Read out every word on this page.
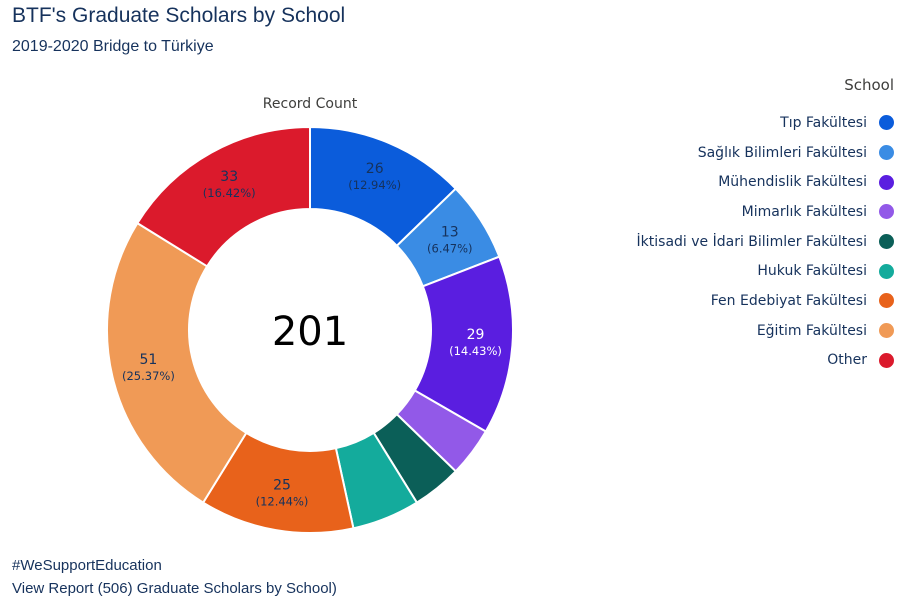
BTF's Graduate Scholars by School
2019-2020 Bridge to Türkiye
Record Count
26
(12.94%)
13
(6.47%)
29
(14.43%)
25
(12.44%)
51
(25.37%)
33
(16.42%)
201
School
Tıp Fakültesi
Sağlık Bilimleri Fakültesi
Mühendislik Fakültesi
Mimarlık Fakültesi
İktisadi ve İdari Bilimler Fakültesi
Hukuk Fakültesi
Fen Edebiyat Fakültesi
Eğitim Fakültesi
Other
#WeSupportEducation
View Report (506) Graduate Scholars by School)
